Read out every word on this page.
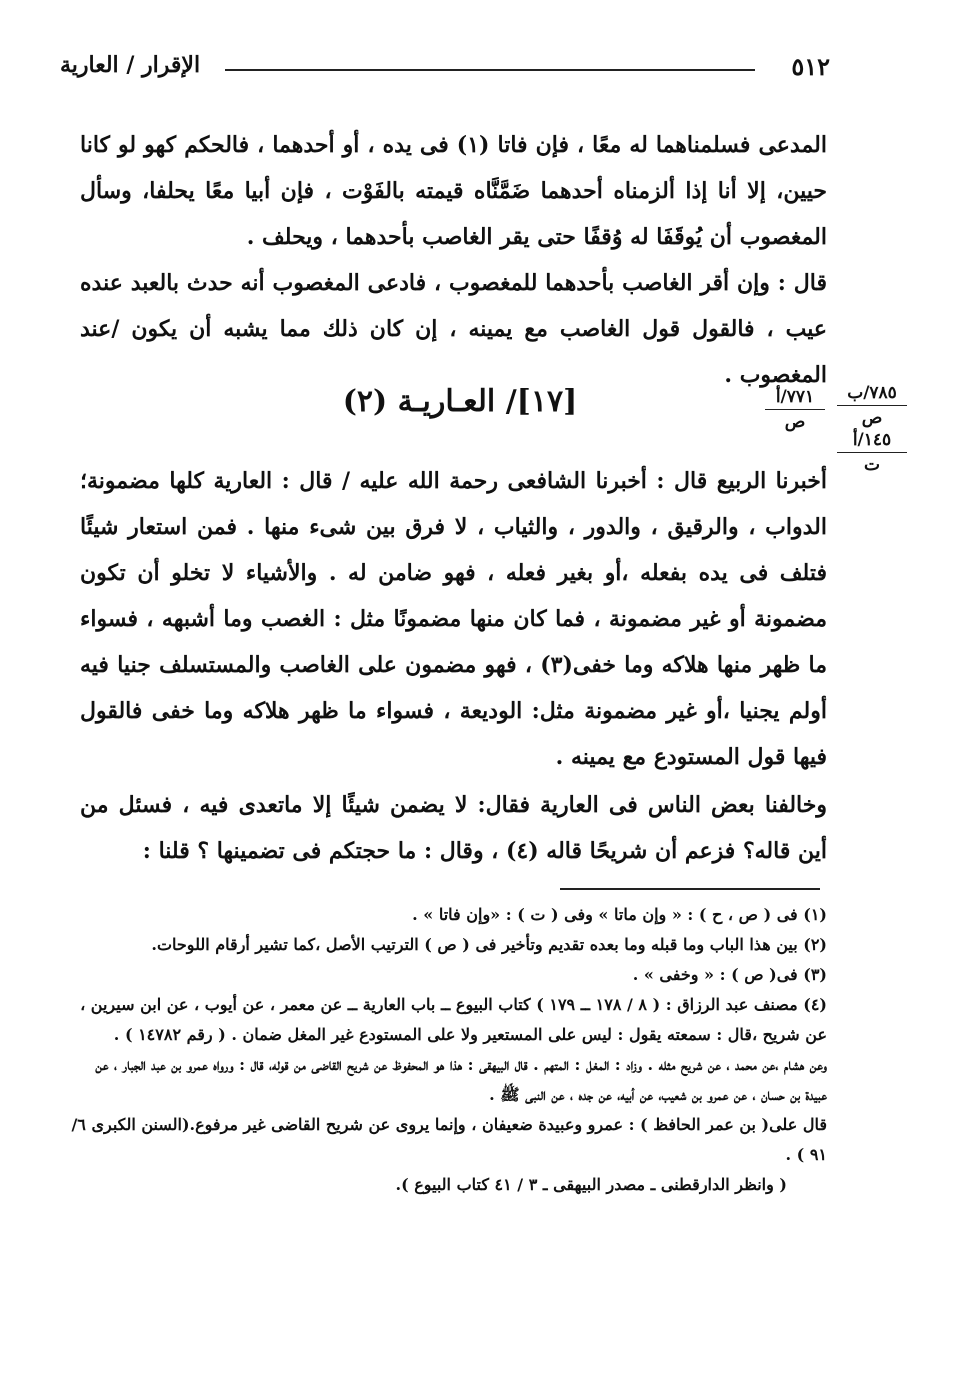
٥١٢
الإقرار / العارية

المدعى فسلمناهما له معًا ، فإن فاتا (١) فى يده ، أو أحدهما ، فالحكم كهو لو كانا حيين، إلا أنا إذا ألزمناه أحدهما ضَمَّنَّاه قيمته بالفَوْت ، فإن أبيا معًا يحلفا، وسأل المغصوب أن يُوقَفَا له وُقفًا حتى يقر الغاصب بأحدهما ، ويحلف .

قال : وإن أقر الغاصب بأحدهما للمغصوب ، فادعى المغصوب أنه حدث بالعبد عنده عيب ، فالقول قول الغاصب مع يمينه ، إن كان ذلك مما يشبه أن يكون /عند المغصوب .

٧٨٥/ب
ص
١٤٥/أ
ت
٧٧١/أ
ص
[١٧]/ العـاريـة (٢)

أخبرنا الربيع قال : أخبرنا الشافعى رحمة الله عليه / قال : العارية كلها مضمونة؛ الدواب ، والرقيق ، والدور ، والثياب ، لا فرق بين شىء منها . فمن استعار شيئًا فتلف فى يده بفعله ،أو بغير فعله ، فهو ضامن له . والأشياء لا تخلو أن تكون مضمونة أو غير مضمونة ، فما كان منها مضمونًا مثل : الغصب وما أشبهه ، فسواء ما ظهر منها هلاكه وما خفى(٣) ، فهو مضمون على الغاصب والمستسلف جنيا فيه أولم يجنيا ،أو غير مضمونة مثل: الوديعة ، فسواء ما ظهر هلاكه وما خفى فالقول فيها قول المستودع مع يمينه .

وخالفنا بعض الناس فى العارية فقال: لا يضمن شيئًا إلا ماتعدى فيه ، فسئل من أين قاله؟ فزعم أن شريحًا قاله (٤) ، وقال : ما حجتكم فى تضمينها ؟ قلنا :

(١) فى ( ص ، ح ) : « وإن ماتا » وفى ( ت ) : «وإن فاتا » .

(٢) بين هذا الباب وما قبله وما بعده تقديم وتأخير فى ( ص ) الترتيب الأصل ،كما تشير أرقام اللوحات.

(٣) فى( ص ) : « وخفى » .

(٤) مصنف عبد الرزاق : ( ٨ / ١٧٨ ــ ١٧٩ ) كتاب البيوع ــ باب العارية ــ عن معمر ، عن أيوب ، عن ابن سيرين ، عن شريح ،قال : سمعته يقول : ليس على المستعير ولا على المستودع غير المغل ضمان . ( رقم ١٤٧٨٢ ) .

وعن هشام ،عن محمد ، عن شريح مثله . وزاد : المغل : المتهم . قال البيهقى : هذا هو المحفوظ عن شريح القاضى من قوله، قال : ورواه عمرو بن عبد الجبار ، عن عبيدة بن حسان ، عن عمرو بن شعيب، عن أبيه، عن جده ، عن النبى ﷺ .

قال على( بن عمر الحافظ ) : عمرو وعبيدة ضعيفان ، وإنما يروى عن شريح القاضى غير مرفوع.(السنن الكبرى ٦/ ٩١ ) .

( وانظر الدارقطنى ـ مصدر البيهقى ـ ٣ / ٤١ كتاب البيوع ).
